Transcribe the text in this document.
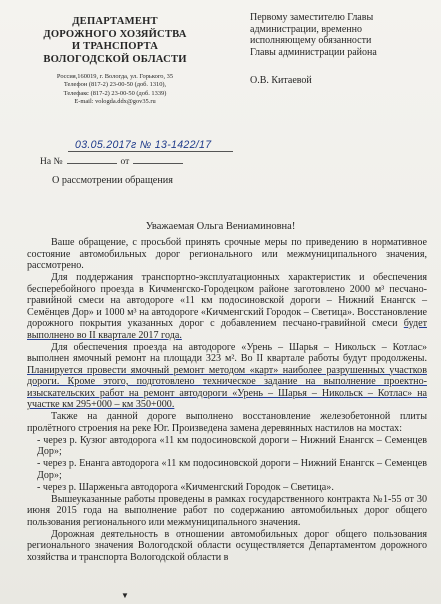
ДЕПАРТАМЕНТ
ДОРОЖНОГО ХОЗЯЙСТВА
И ТРАНСПОРТА
ВОЛОГОДСКОЙ ОБЛАСТИ
Россия,160019, г. Вологда, ул. Горького, 35
Телефон (817-2) 23-00-50 (доб. 1310),
Телефакс (817-2) 23-00-50 (доб. 1339)
E-mail: vologda.ddx@gov35.ru
Первому заместителю Главы
администрации, временно
исполняющему обязанности
Главы администрации района
О.В. Китаевой
03.05.2017г № 13-1422/17
На №	от
О рассмотрении обращения
Уважаемая Ольга Вениаминовна!

Ваше обращение, с просьбой принять срочные меры по приведению в нормативное состояние автомобильных дорог регионального или межмуниципального значения, рассмотрено.

Для поддержания транспортно-эксплуатационных характеристик и обеспечения бесперебойного проезда в Кичменгско-Городецком районе заготовлено 2000 м³ песчано-гравийной смеси на автодороге «11 км подосиновской дороги – Нижний Енангск – Семёнцев Дор» и 1000 м³ на автодороге «Кичменгский Городок – Светица». Восстановление дорожного покрытия указанных дорог с добавлением песчано-гравийной смеси будет выполнено во II квартале 2017 года.

Для обеспечения проезда на автодороге «Урень – Шарья – Никольск – Котлас» выполнен ямочный ремонт на площади 323 м². Во II квартале работы будут продолжены. Планируется провести ямочный ремонт методом «карт» наиболее разрушенных участков дороги. Кроме этого, подготовлено техническое задание на выполнение проектно-изыскательских работ на ремонт автодороги «Урень – Шарья – Никольск – Котлас» на участке км 295+000 – км 350+000.

Также на данной дороге выполнено восстановление железобетонной плиты пролётного строения на реке Юг. Произведена замена деревянных настилов на мостах:

- через р. Кузюг автодорога «11 км подосиновской дороги – Нижний Енангск – Семенцев Дор»;

- через р. Енанга автодорога «11 км подосиновской дороги – Нижний Енангск – Семенцев Дор»;

- через р. Шарженьга автодорога «Кичменгский Городок – Светица».

Вышеуказанные работы проведены в рамках государственного контракта №1-55 от 30 июня 2015 года на выполнение работ по содержанию автомобильных дорог общего пользования регионального или межмуниципального значения.

Дорожная деятельность в отношении автомобильных дорог общего пользования регионального значения Вологодской области осуществляется Департаментом дорожного хозяйства и транспорта Вологодской области в

▼
